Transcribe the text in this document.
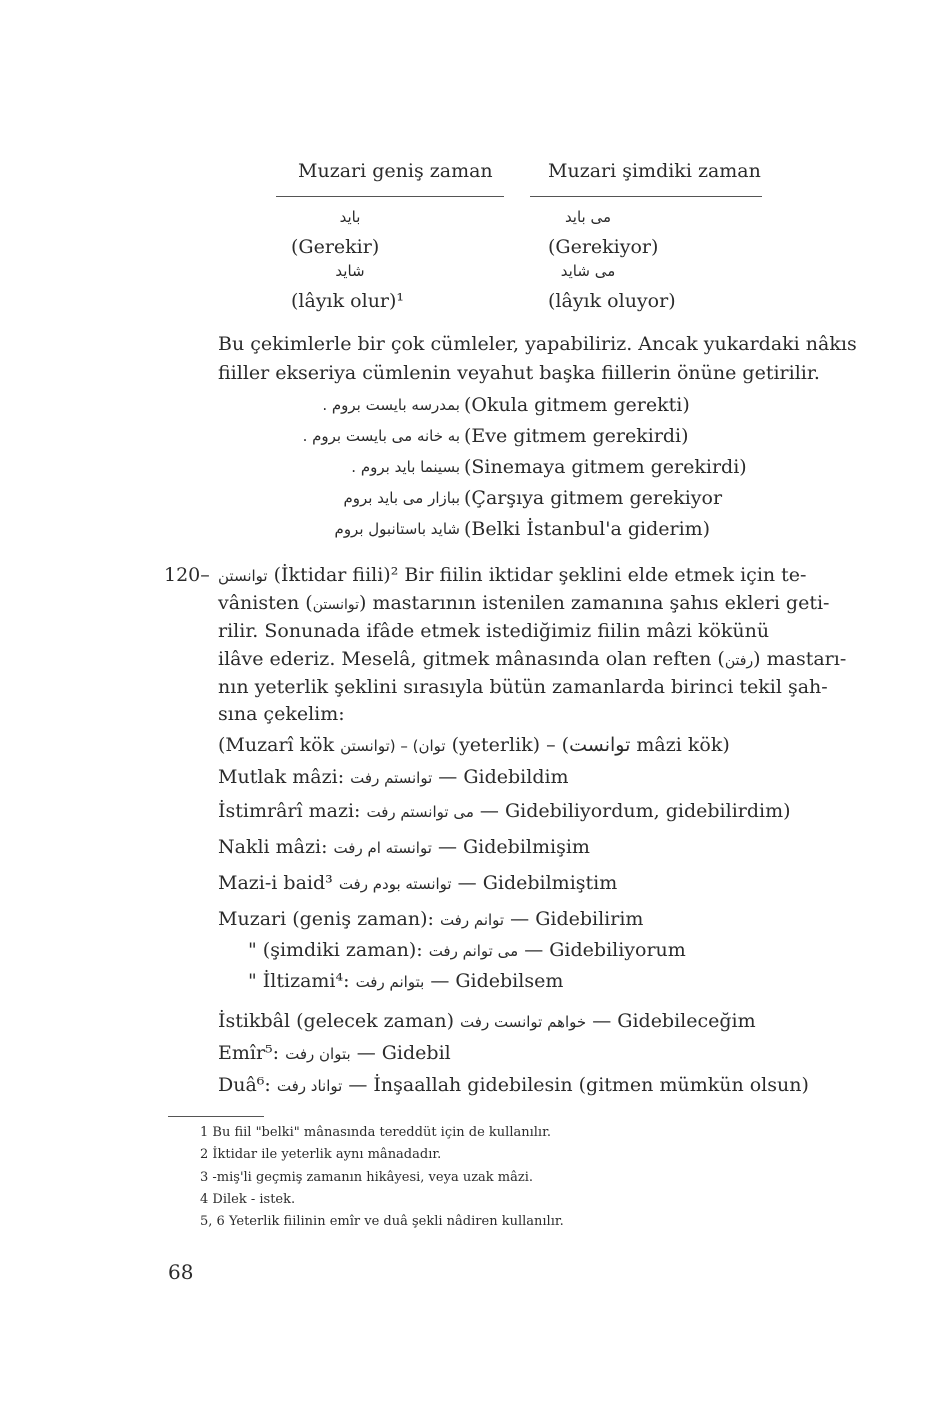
Muzari geniş zaman	Muzari şimdiki zaman
باید
(Gerekir)
شاید
(lâyık olur)¹
می باید
(Gerekiyor)
می شاید
(lâyık oluyor)
Bu çekimlerle bir çok cümleler, yapabiliriz. Ancak yukardaki nâkıs
fiiller ekseriya cümlenin veyahut başka fiillerin önüne getirilir.
بمدرسه بایست بروم . (Okula gitmem gerekti)
به خانه می بایست بروم . (Eve gitmem gerekirdi)
بسینما باید بروم . (Sinemaya gitmem gerekirdi)
ببازار می باید بروم (Çarşıya gitmem gerekiyor
شاید باستانبول بروم (Belki İstanbul'a giderim)
120– توانستن (İktidar fiili)² Bir fiilin iktidar şeklini elde etmek için te-
vânisten (توانستن) mastarının istenilen zamanına şahıs ekleri geti-
rilir. Sonunada ifâde etmek istediğimiz fiilin mâzi kökünü
ilâve ederiz. Meselâ, gitmek mânasında olan reften (رفتن) mastarı-
nın yeterlik şeklini sırasıyla bütün zamanlarda birinci tekil şah-
sına çekelim:
(Muzarî kök توان) – (توانستن (yeterlik) – (توانست mâzi kök)
Mutlak mâzi: توانستم رفت — Gidebildim
İstimrârî mazi: می توانستم رفت — Gidebiliyordum, gidebilirdim)
Nakli mâzi: توانسته ام رفت — Gidebilmişim
Mazi-i baid³ توانسته بودم رفت — Gidebilmiştim
Muzari (geniş zaman): توانم رفت — Gidebilirim
" (şimdiki zaman): می توانم رفت — Gidebiliyorum
" İltizami⁴: بتوانم رفت — Gidebilsem
İstikbâl (gelecek zaman) خواهم توانست رفت — Gidebileceğim
Emîr⁵: بتوان رفت — Gidebil
Duâ⁶: تواناد رفت — İnşaallah gidebilesin (gitmen mümkün olsun)
1 Bu fiil "belki" mânasında tereddüt için de kullanılır.
2 İktidar ile yeterlik aynı mânadadır.
3 -miş'li geçmiş zamanın hikâyesi, veya uzak mâzi.
4 Dilek - istek.
5, 6 Yeterlik fiilinin emîr ve duâ şekli nâdiren kullanılır.
68
